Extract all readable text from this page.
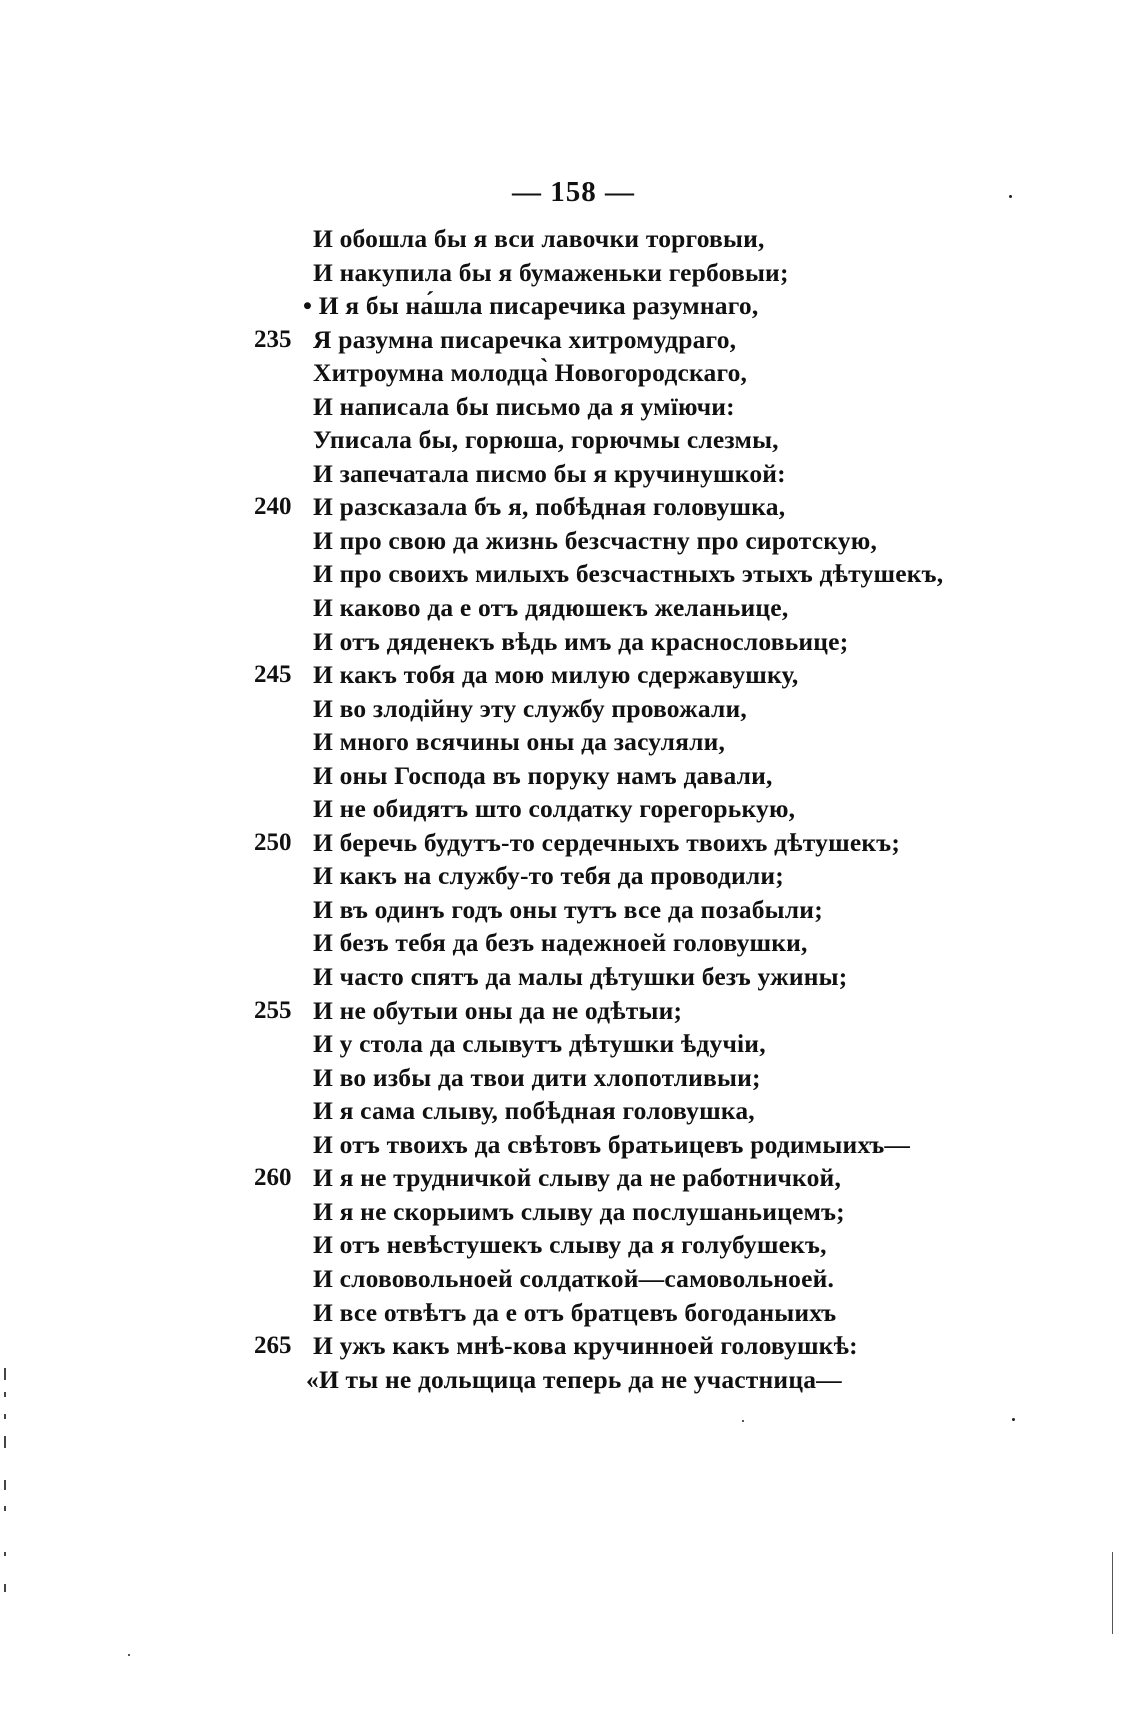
— 158 —
И обошла бы я вси лавочки торговыи,
И накупила бы я бумаженьки гербовыи;
• И я бы на́шла писаречика разумнаго,
235 Я разумна писаречка хитромудраго,
Хитроумна молодца̀ Новогородскаго,
И написала бы письмо да я умїючи:
Уписала бы, горюша, горючмы слезмы,
И запечатала писмо бы я кручинушкой:
240 И разсказала бъ я, побѣдная головушка,
И про свою да жизнь безсчастну про сиротскую,
И про своихъ милыхъ безсчастныхъ этыхъ дѣтушекъ,
И каково да е отъ дядюшекъ желаньице,
И отъ дяденекъ вѣдь имъ да краснословьице;
245 И какъ тобя да мою милую сдержавушку,
И во злодійну эту службу провожали,
И много всячины оны да засуляли,
И оны Господа въ поруку намъ давали,
И не обидятъ што солдатку горегорькую,
250 И беречь будутъ-то сердечныхъ твоихъ дѣтушекъ;
И какъ на службу-то тебя да проводили;
И въ одинъ годъ оны тутъ все да позабыли;
И безъ тебя да безъ надежноей головушки,
И часто спятъ да малы дѣтушки безъ ужины;
255 И не обутыи оны да не одѣтыи;
И у стола да слывутъ дѣтушки ѣдучіи,
И во избы да твои дити хлопотливыи;
И я сама слыву, побѣдная головушка,
И отъ твоихъ да свѣтовъ братьицевъ родимыихъ—
260 И я не трудничкой слыву да не работничкой,
И я не скорыимъ слыву да послушаньицемъ;
И отъ невѣстушекъ слыву да я голубушекъ,
И слововольноей солдаткой—самовольноей.
И все отвѣтъ да е отъ братцевъ богоданыихъ
265 И ужъ какъ мнѣ-кова кручинноей головушкѣ:
«И ты не дольщица теперь да не участница—
